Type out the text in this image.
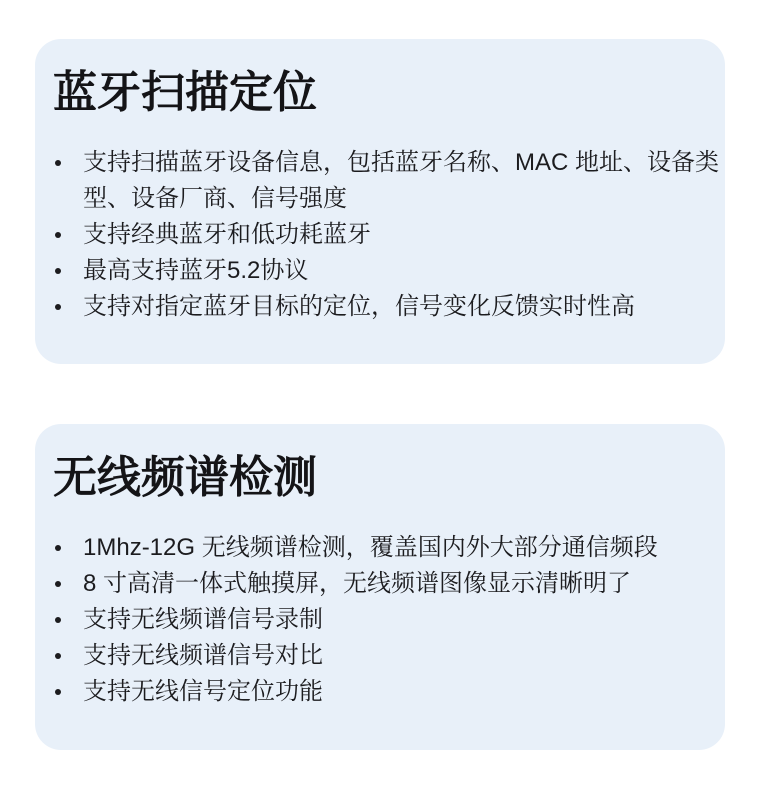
蓝牙扫描定位
支持扫描蓝牙设备信息，包括蓝牙名称、MAC 地址、设备类型、设备厂商、信号强度
支持经典蓝牙和低功耗蓝牙
最高支持蓝牙5.2协议
支持对指定蓝牙目标的定位，信号变化反馈实时性高
无线频谱检测
1Mhz-12G 无线频谱检测，覆盖国内外大部分通信频段
8 寸高清一体式触摸屏，无线频谱图像显示清晰明了
支持无线频谱信号录制
支持无线频谱信号对比
支持无线信号定位功能
